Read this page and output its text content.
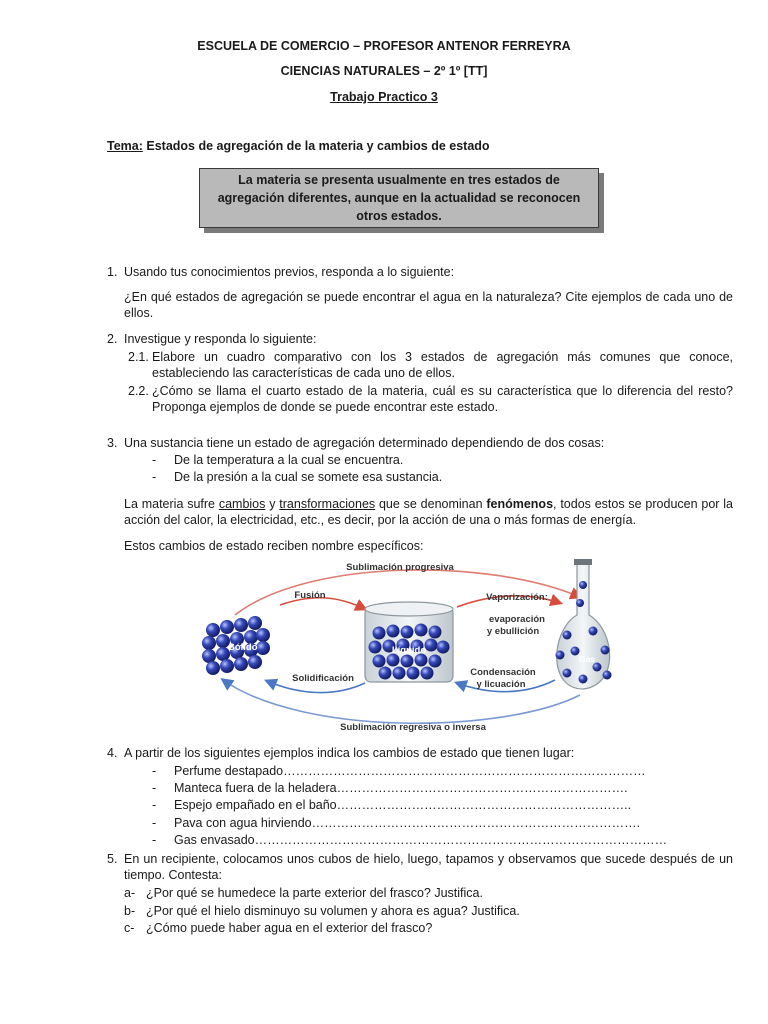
ESCUELA DE COMERCIO – PROFESOR ANTENOR FERREYRA
CIENCIAS NATURALES – 2º 1º [TT]
Trabajo Practico 3
Tema: Estados de agregación de la materia y cambios de estado
La materia se presenta usualmente en tres estados de agregación diferentes, aunque en la actualidad se reconocen otros estados.
1. Usando tus conocimientos previos, responda a lo siguiente:
¿En qué estados de agregación se puede encontrar el agua en la naturaleza? Cite ejemplos de cada uno de ellos.
2. Investigue y responda lo siguiente:
2.1. Elabore un cuadro comparativo con los 3 estados de agregación más comunes que conoce, estableciendo las características de cada uno de ellos.
2.2. ¿Cómo se llama el cuarto estado de la materia, cuál es su característica que lo diferencia del resto? Proponga ejemplos de donde se puede encontrar este estado.
3. Una sustancia tiene un estado de agregación determinado dependiendo de dos cosas:
- De la temperatura a la cual se encuentra.
- De la presión a la cual se somete esa sustancia.
La materia sufre cambios y transformaciones que se denominan fenómenos, todos estos se producen por la acción del calor, la electricidad, etc., es decir, por la acción de una o más formas de energía.
Estos cambios de estado reciben nombre específicos:
Sublimación progresiva
Fusión	Vaporización:
evaporación
y ebullición
Sólido	Líquido
Gas
Condensación
y licuación
Solidificación
Sublimación regresiva o inversa
4. A partir de los siguientes ejemplos indica los cambios de estado que tienen lugar:
- Perfume destapado……………………………………………………………………………
- Manteca fuera de la heladera…………………………………………………………….
- Espejo empañado en el baño……………………………………………………………..
- Pava con agua hirviendo…………………………………………………………………….
- Gas envasado………………………………………………………………………………………
5. En un recipiente, colocamos unos cubos de hielo, luego, tapamos y observamos que sucede después de un tiempo. Contesta:
a- ¿Por qué se humedece la parte exterior del frasco? Justifica.
b- ¿Por qué el hielo disminuyo su volumen y ahora es agua? Justifica.
c- ¿Cómo puede haber agua en el exterior del frasco?
